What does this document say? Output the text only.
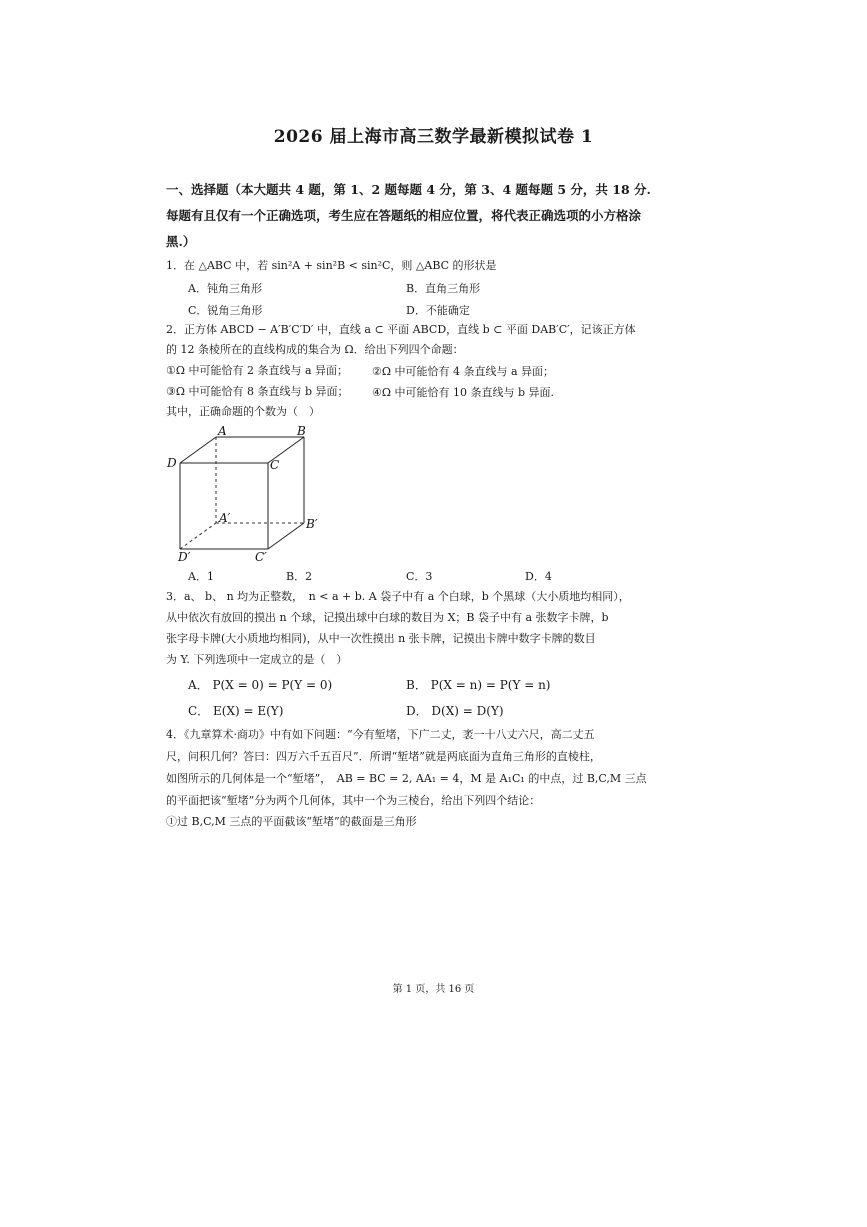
2026 届上海市高三数学最新模拟试卷 1
一、选择题（本大题共 4 题，第 1、2 题每题 4 分，第 3、4 题每题 5 分，共 18 分.每题有且仅有一个正确选项，考生应在答题纸的相应位置，将代表正确选项的小方格涂黑.）
1．在 △ABC 中，若 sin²A + sin²B < sin²C，则 △ABC 的形状是
A．钝角三角形	B．直角三角形
C．锐角三角形	D．不能确定
2．正方体 ABCD − A′B′C′D′ 中，直线 a ⊂ 平面 ABCD，直线 b ⊂ 平面 DAB′C′，记该正方体
的 12 条棱所在的直线构成的集合为 Ω．给出下列四个命题：
①Ω 中可能恰有 2 条直线与 a 异面； ②Ω 中可能恰有 4 条直线与 a 异面；
③Ω 中可能恰有 8 条直线与 b 异面； ④Ω 中可能恰有 10 条直线与 b 异面.
其中，正确命题的个数为（　）
A	B
C
D
A′	B′
C′
D′
A．1	B．2	C．3	D．4
3．a、 b、 n 均为正整数，　n < a + b. A 袋子中有 a 个白球，b 个黑球（大小质地均相同），
从中依次有放回的摸出 n 个球，记摸出球中白球的数目为 X；B 袋子中有 a 张数字卡牌，b
张字母卡牌(大小质地均相同)，从中一次性摸出 n 张卡牌，记摸出卡牌中数字卡牌的数目
为 Y. 下列选项中一定成立的是（　）
A． P(X = 0) = P(Y = 0)	B． P(X = n) = P(Y = n)
C． E(X) = E(Y)	D． D(X) = D(Y)
4．《九章算术·商功》中有如下问题：“今有堑堵，下广二丈，袤一十八丈六尺，高二丈五
尺，问积几何？答曰：四万六千五百尺”．所谓“堑堵”就是两底面为直角三角形的直棱柱，
如图所示的几何体是一个“堑堵”，　AB = BC = 2, AA₁ = 4，M 是 A₁C₁ 的中点，过 B,C,M 三点
的平面把该“堑堵”分为两个几何体，其中一个为三棱台，给出下列四个结论：
①过 B,C,M 三点的平面截该“堑堵”的截面是三角形
第 1 页，共 16 页
